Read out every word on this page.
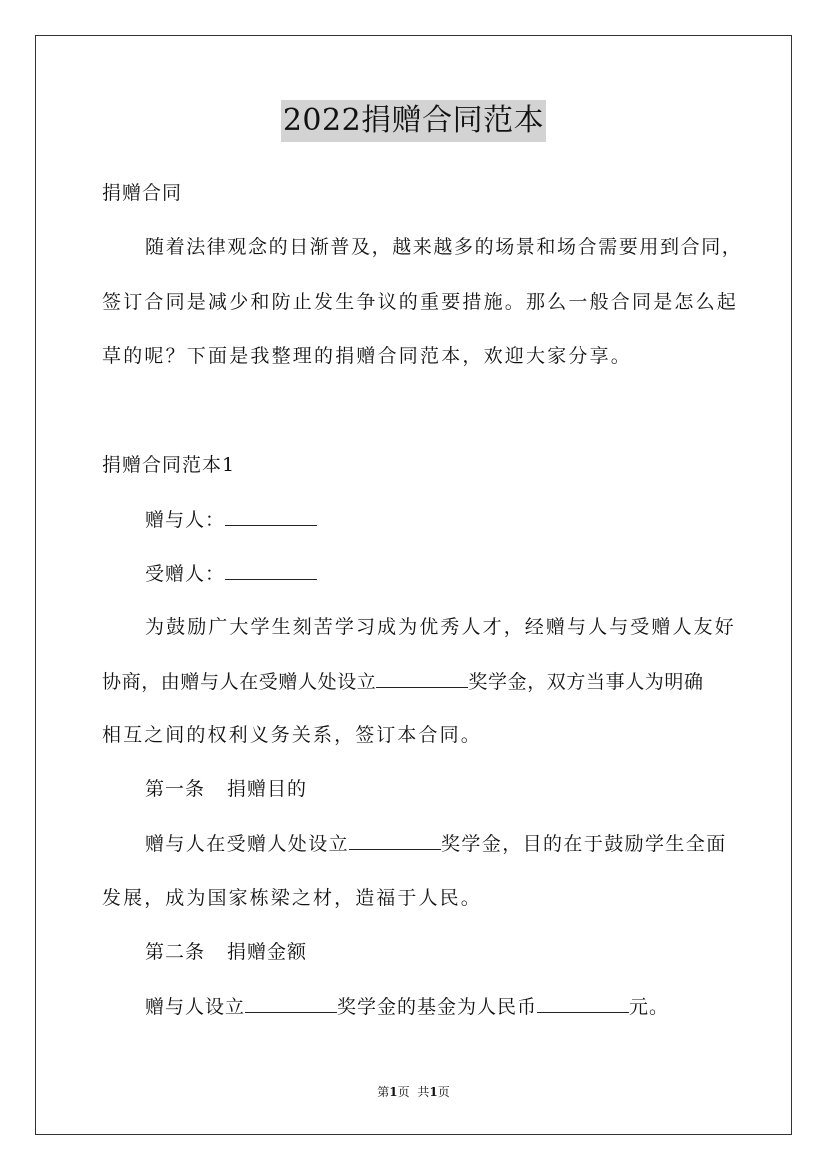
2022捐赠合同范本
捐赠合同
随着法律观念的日渐普及，越来越多的场景和场合需要用到合同，
签订合同是减少和防止发生争议的重要措施。那么一般合同是怎么起
草的呢？下面是我整理的捐赠合同范本，欢迎大家分享。
捐赠合同范本1
赠与人：
受赠人：
为鼓励广大学生刻苦学习成为优秀人才，经赠与人与受赠人友好
协商，由赠与人在受赠人处设立	奖学金，双方当事人为明确
相互之间的权利义务关系，签订本合同。
第一条 捐赠目的
赠与人在受赠人处设立	奖学金，目的在于鼓励学生全面
发展，成为国家栋梁之材，造福于人民。
第二条 捐赠金额
赠与人设立	奖学金的基金为人民币	元。
第1页 共1页
